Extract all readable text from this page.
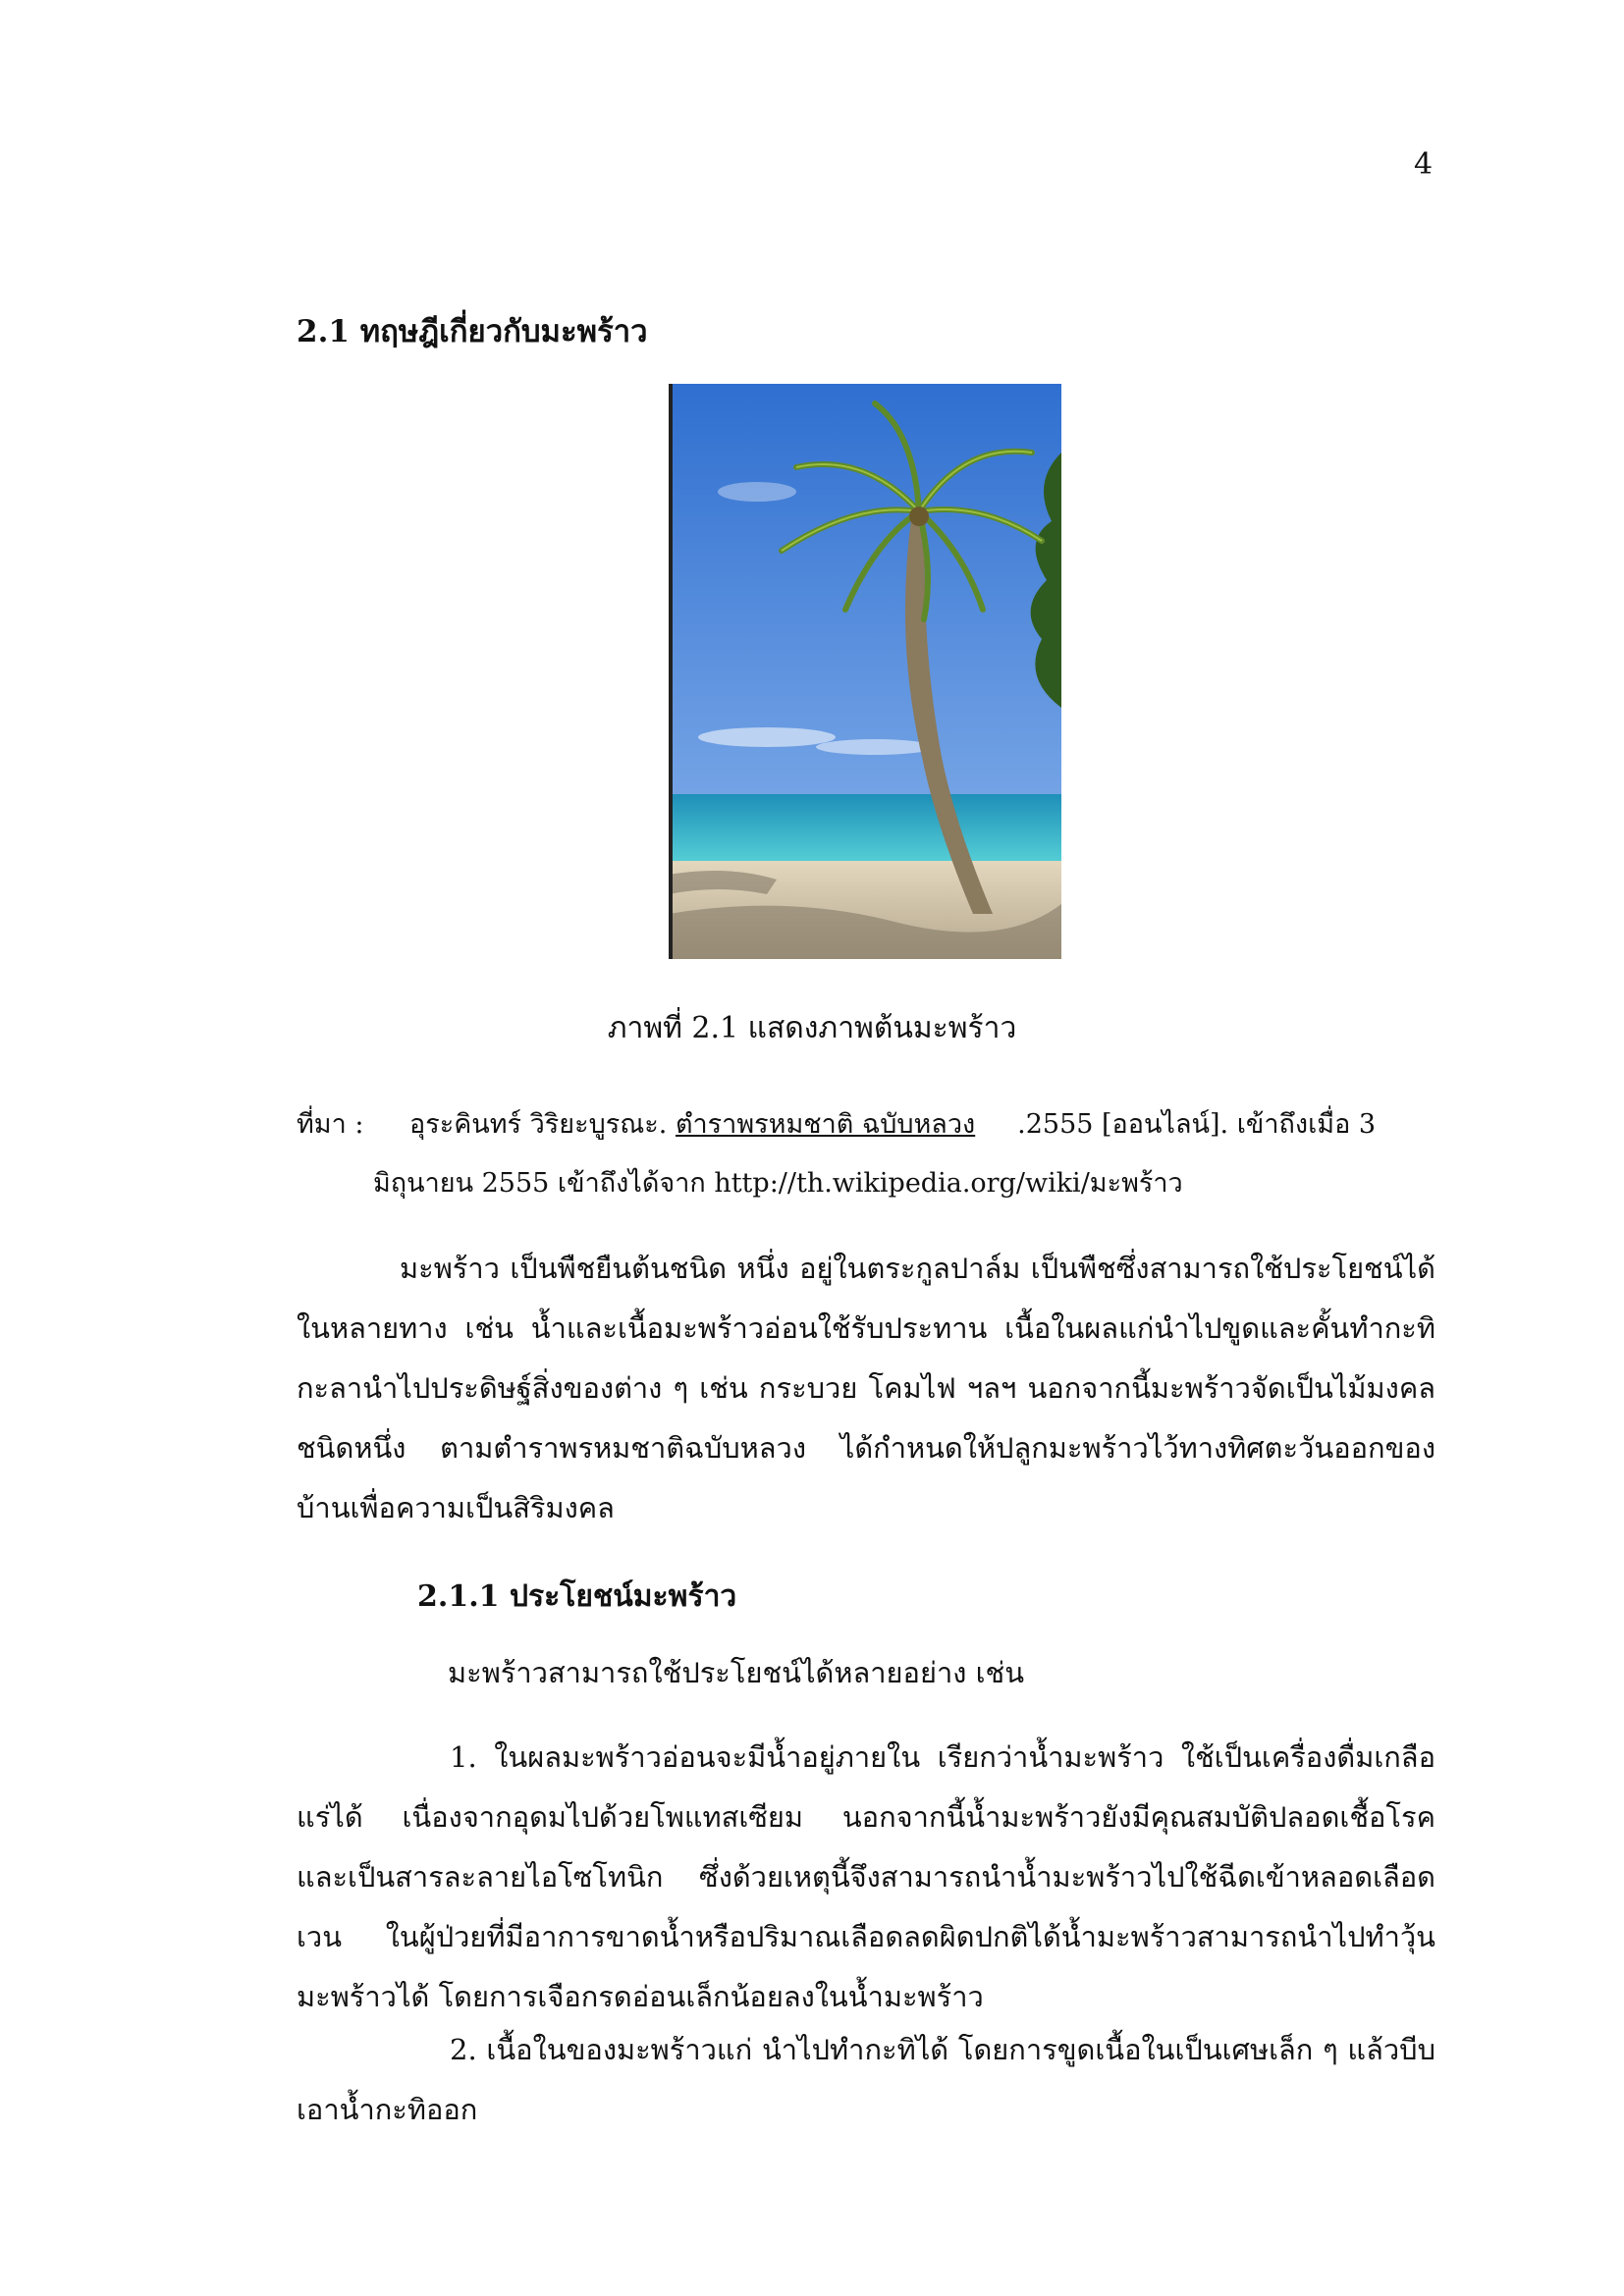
4
2.1 ทฤษฎีเกี่ยวกับมะพร้าว
ภาพที่ 2.1 แสดงภาพต้นมะพร้าว
ที่มา : อุระคินทร์ วิริยะบูรณะ. ตำราพรหมชาติ ฉบับหลวง .2555 [ออนไลน์]. เข้าถึงเมื่อ 3
มิถุนายน 2555 เข้าถึงได้จาก http://th.wikipedia.org/wiki/มะพร้าว
มะพร้าว เป็นพืชยืนต้นชนิด หนึ่ง อยู่ในตระกูลปาล์ม เป็นพืชซึ่งสามารถใช้ประโยชน์ได้ในหลายทาง เช่น น้ำและเนื้อมะพร้าวอ่อนใช้รับประทาน เนื้อในผลแก่นำไปขูดและคั้นทำกะทิกะลานำไปประดิษฐ์สิ่งของต่าง ๆ เช่น กระบวย โคมไฟ ฯลฯ นอกจากนี้มะพร้าวจัดเป็นไม้มงคลชนิดหนึ่ง ตามตำราพรหมชาติฉบับหลวง ได้กำหนดให้ปลูกมะพร้าวไว้ทางทิศตะวันออกของบ้านเพื่อความเป็นสิริมงคล
2.1.1 ประโยชน์มะพร้าว
มะพร้าวสามารถใช้ประโยชน์ได้หลายอย่าง เช่น
1. ในผลมะพร้าวอ่อนจะมีน้ำอยู่ภายใน เรียกว่าน้ำมะพร้าว ใช้เป็นเครื่องดื่มเกลือแร่ได้ เนื่องจากอุดมไปด้วยโพแทสเซียม นอกจากนี้น้ำมะพร้าวยังมีคุณสมบัติปลอดเชื้อโรค และเป็นสารละลายไอโซโทนิก ซึ่งด้วยเหตุนี้จึงสามารถนำน้ำมะพร้าวไปใช้ฉีดเข้าหลอดเลือดเวน ในผู้ป่วยที่มีอาการขาดน้ำหรือปริมาณเลือดลดผิดปกติได้น้ำมะพร้าวสามารถนำไปทำวุ้นมะพร้าวได้ โดยการเจือกรดอ่อนเล็กน้อยลงในน้ำมะพร้าว
2. เนื้อในของมะพร้าวแก่ นำไปทำกะทิได้ โดยการขูดเนื้อในเป็นเศษเล็ก ๆ แล้วบีบเอาน้ำกะทิออก
